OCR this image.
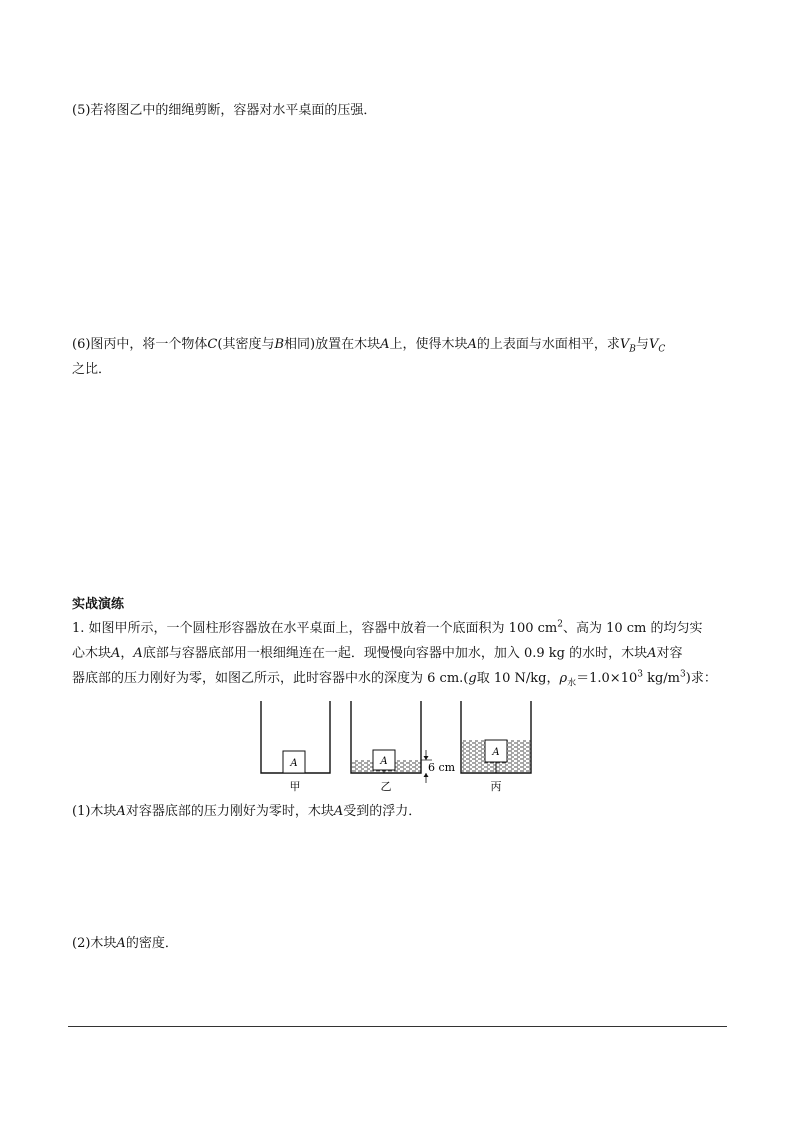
(5)若将图乙中的细绳剪断，容器对水平桌面的压强．
(6)图丙中，将一个物体C(其密度与B相同)放置在木块A上，使得木块A的上表面与水面相平，求$V_B$与$V_C$
之比．
实战演练
1. 如图甲所示，一个圆柱形容器放在水平桌面上，容器中放着一个底面积为 100 $cm^2$、高为 10 cm 的均匀实
心木块A，A底部与容器底部用一根细绳连在一起．现慢慢向容器中加水，加入 0.9 kg 的水时，木块A对容
器底部的压力刚好为零，如图乙所示，此时容器中水的深度为 6 cm.(g取 10 N/kg，$\rho_水=1.0\times 10^3$ $kg/m^3$)求：
A	A	6 cm
A
甲	乙	丙
(1)木块A对容器底部的压力刚好为零时，木块A受到的浮力．
(2)木块A的密度．
